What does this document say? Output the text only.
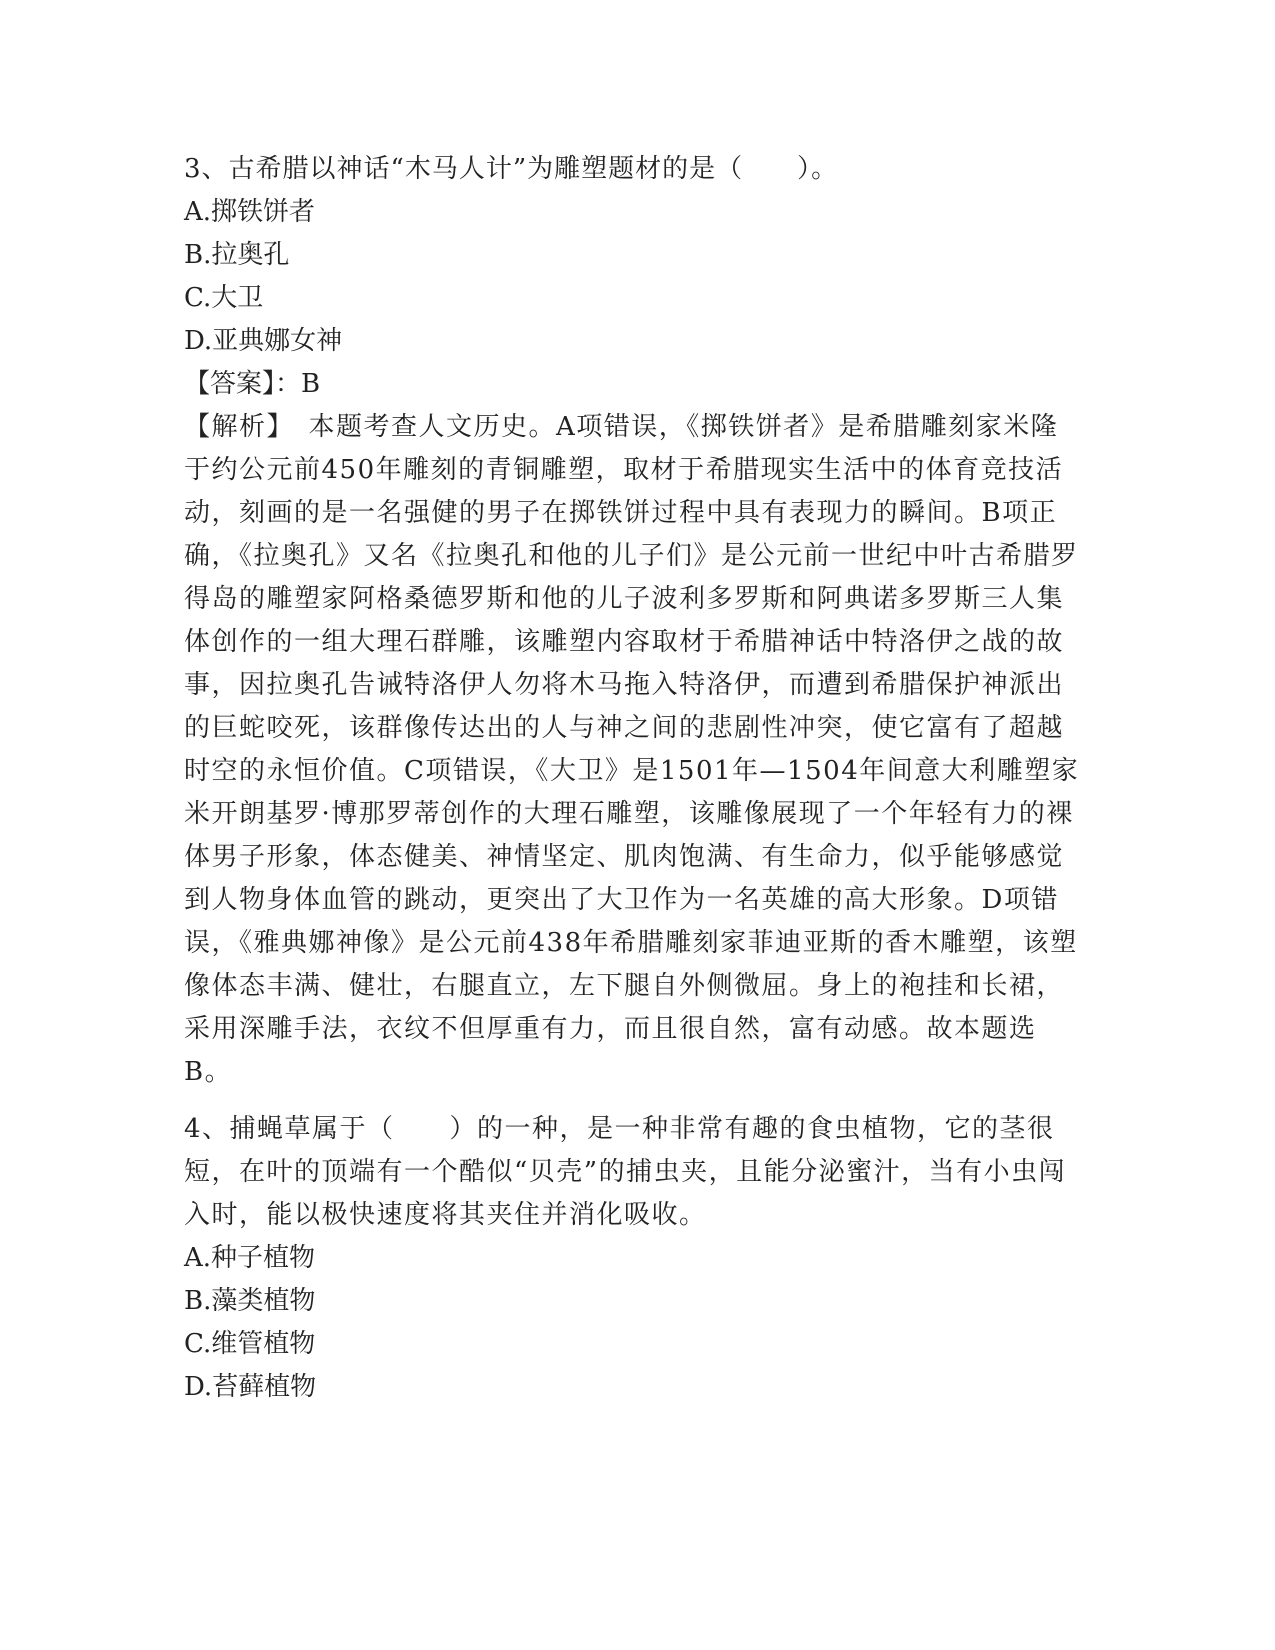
3、古希腊以神话“木马人计”为雕塑题材的是（　　）。
A.掷铁饼者
B.拉奥孔
C.大卫
D.亚典娜女神
【答案】：B
【解析】　本题考查人文历史。A项错误，《掷铁饼者》是希腊雕刻家米隆于约公元前450年雕刻的青铜雕塑，取材于希腊现实生活中的体育竞技活动，刻画的是一名强健的男子在掷铁饼过程中具有表现力的瞬间。B项正确，《拉奥孔》又名《拉奥孔和他的儿子们》是公元前一世纪中叶古希腊罗得岛的雕塑家阿格桑德罗斯和他的儿子波利多罗斯和阿典诺多罗斯三人集体创作的一组大理石群雕，该雕塑内容取材于希腊神话中特洛伊之战的故事，因拉奥孔告诫特洛伊人勿将木马拖入特洛伊，而遭到希腊保护神派出的巨蛇咬死，该群像传达出的人与神之间的悲剧性冲突，使它富有了超越时空的永恒价值。C项错误，《大卫》是1501年—1504年间意大利雕塑家米开朗基罗·博那罗蒂创作的大理石雕塑，该雕像展现了一个年轻有力的裸体男子形象，体态健美、神情坚定、肌肉饱满、有生命力，似乎能够感觉到人物身体血管的跳动，更突出了大卫作为一名英雄的高大形象。D项错误，《雅典娜神像》是公元前438年希腊雕刻家菲迪亚斯的香木雕塑，该塑像体态丰满、健壮，右腿直立，左下腿自外侧微屈。身上的袍挂和长裙，采用深雕手法，衣纹不但厚重有力，而且很自然，富有动感。故本题选B。
4、捕蝇草属于（　　）的一种，是一种非常有趣的食虫植物，它的茎很短，在叶的顶端有一个酷似“贝壳”的捕虫夹，且能分泌蜜汁，当有小虫闯入时，能以极快速度将其夹住并消化吸收。
A.种子植物
B.藻类植物
C.维管植物
D.苔藓植物
